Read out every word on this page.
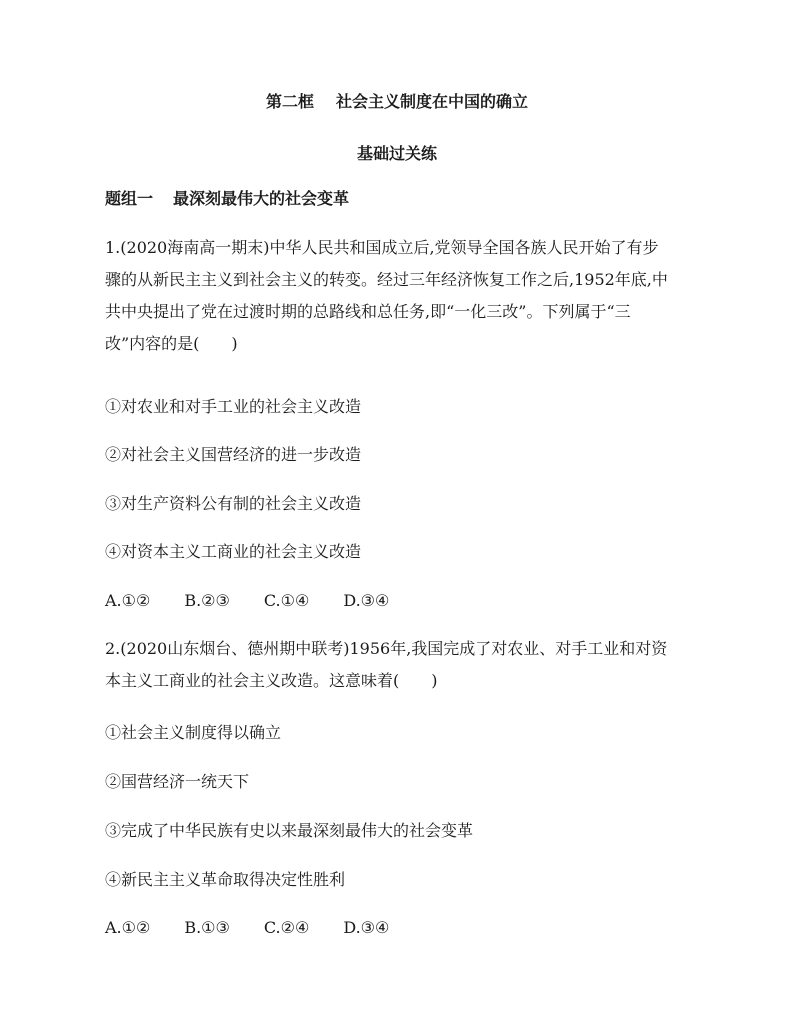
第二框 社会主义制度在中国的确立
基础过关练
题组一 最深刻最伟大的社会变革
1.(2020海南高一期末)中华人民共和国成立后,党领导全国各族人民开始了有步
骤的从新民主主义到社会主义的转变。经过三年经济恢复工作之后,1952年底,中
共中央提出了党在过渡时期的总路线和总任务,即“一化三改”。下列属于“三
改”内容的是(　　)
①对农业和对手工业的社会主义改造
②对社会主义国营经济的进一步改造
③对生产资料公有制的社会主义改造
④对资本主义工商业的社会主义改造
A.①② B.②③ C.①④ D.③④
2.(2020山东烟台、德州期中联考)1956年,我国完成了对农业、对手工业和对资
本主义工商业的社会主义改造。这意味着(　　)
①社会主义制度得以确立
②国营经济一统天下
③完成了中华民族有史以来最深刻最伟大的社会变革
④新民主主义革命取得决定性胜利
A.①② B.①③ C.②④ D.③④
